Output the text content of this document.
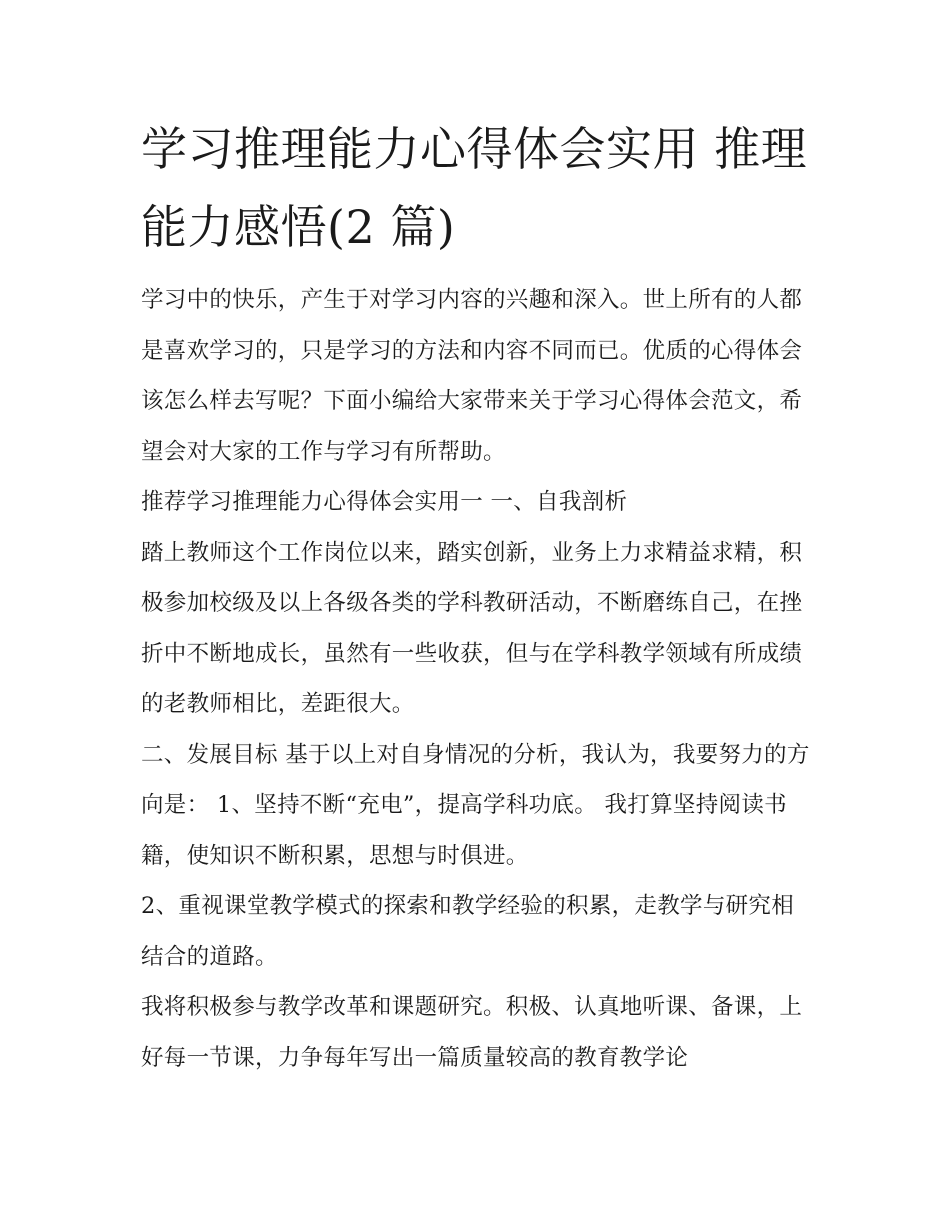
学习推理能力心得体会实用 推理能力感悟(2 篇)

学习中的快乐，产生于对学习内容的兴趣和深入。世上所有的人都是喜欢学习的，只是学习的方法和内容不同而已。优质的心得体会该怎么样去写呢？下面小编给大家带来关于学习心得体会范文，希望会对大家的工作与学习有所帮助。

推荐学习推理能力心得体会实用一 一、自我剖析

踏上教师这个工作岗位以来，踏实创新，业务上力求精益求精，积极参加校级及以上各级各类的学科教研活动，不断磨练自己，在挫折中不断地成长，虽然有一些收获，但与在学科教学领域有所成绩的老教师相比，差距很大。

二、发展目标 基于以上对自身情况的分析，我认为，我要努力的方向是： 1、坚持不断“充电”，提高学科功底。 我打算坚持阅读书籍，使知识不断积累，思想与时俱进。

2、重视课堂教学模式的探索和教学经验的积累，走教学与研究相结合的道路。

我将积极参与教学改革和课题研究。积极、认真地听课、备课，上好每一节课，力争每年写出一篇质量较高的教育教学论
